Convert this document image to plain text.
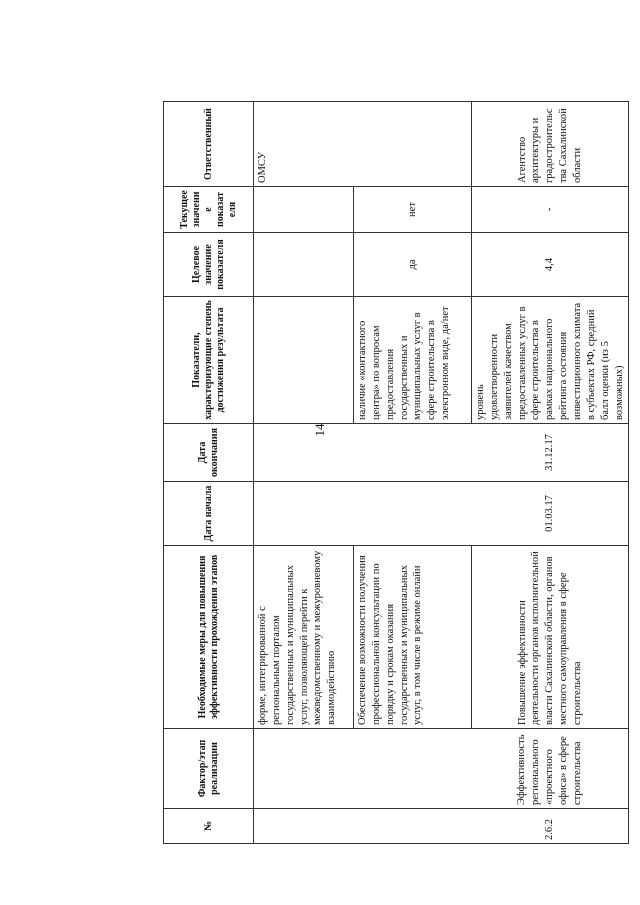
14
№	Фактор/этап реализации	Необходимые меры для повышения эффективности прохождения этапов	Дата начала	Дата окончания	Показатели, характеризующие степень достижения результата	Целевое значение показателя	Текущее значение показателя	Ответственный
		форме, интегрированной с региональным порталом государственных и муниципальных услуг, позволяющей перейти к межведомственному и межуровневому взаимодействию						ОМСУ
		Обеспечение возможности получения профессиональной консультации по порядку и срокам оказания государственных и муниципальных услуг, в том числе в режиме онлайн			наличие «контактного центра» по вопросам предоставления государственных и муниципальных услуг в сфере строительства в электронном виде, да/нет	да	нет	
2.6.2	Эффективность регионального «проектного офиса» в сфере строительства	Повышение эффективности деятельности органов исполнительной власти Сахалинской области, органов местного самоуправления в сфере строительства	01.03.17	31.12.17	уровень удовлетворенности заявителей качеством предоставленных услуг в сфере строительства в рамках национального рейтинга состояния инвестиционного климата в субъектах РФ, средний балл оценки (из 5 возможных)	4,4	-	Агентство архитектуры и градостроительства Сахалинской области
